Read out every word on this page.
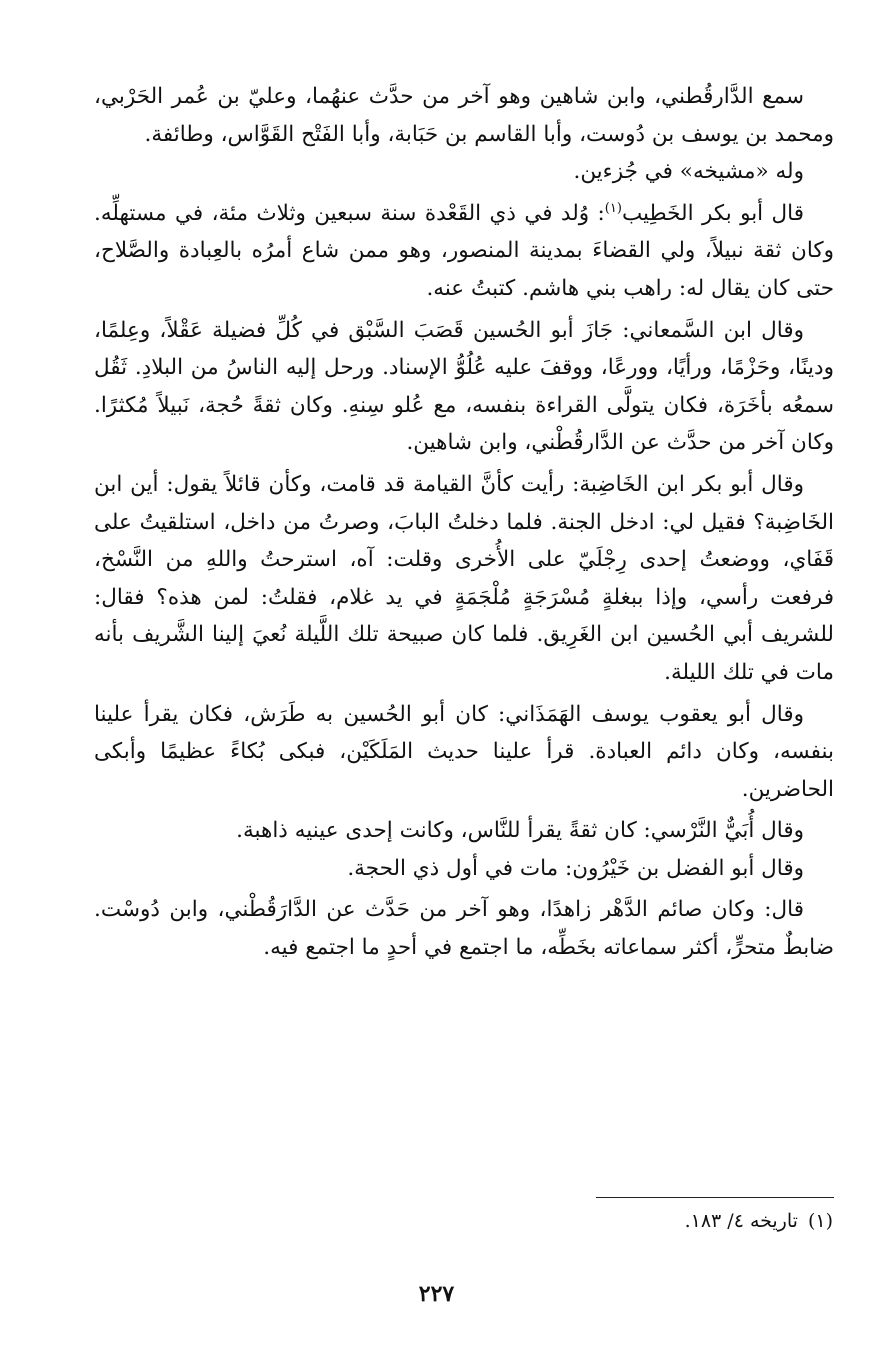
سمع الدَّارقُطني، وابن شاهين وهو آخر من حدَّث عنهُما، وعليّ بن عُمر الحَرْبي، ومحمد بن يوسف بن دُوست، وأبا القاسم بن حَبَابة، وأبا الفَتْح القَوَّاس، وطائفة.

وله «مشيخه» في جُزءين.

قال أبو بكر الخَطِيب$^{(١)}$: وُلد في ذي القَعْدة سنة سبعين وثلاث مئة، في مستهلِّه. وكان ثقة نبيلاً، ولي القضاءَ بمدينة المنصور، وهو ممن شاع أمرُه بالعِبادة والصَّلاح، حتى كان يقال له: راهب بني هاشم. كتبتُ عنه.

وقال ابن السَّمعاني: جَازَ أبو الحُسين قَصَبَ السَّبْق في كُلِّ فضيلة عَقْلاً، وعِلمًا، ودينًا، وحَزْمًا، ورأيًا، وورعًا، ووقفَ عليه عُلُوُّ الإسناد. ورحل إليه الناسُ من البلادِ. ثَقُل سمعُه بأخَرَة، فكان يتولَّى القراءة بنفسه، مع عُلو سِنهِ. وكان ثقةً حُجة، نَبيلاً مُكثرًا. وكان آخر من حدَّث عن الدَّارقُطْني، وابن شاهين.

وقال أبو بكر ابن الخَاضِبة: رأيت كأنَّ القيامة قد قامت، وكأن قائلاً يقول: أين ابن الخَاضِبة؟ فقيل لي: ادخل الجنة. فلما دخلتُ البابَ، وصرتُ من داخل، استلقيتُ على قَفَاي، ووضعتُ إحدى رِجْلَيّ على الأُخرى وقلت: آه، استرحتُ واللهِ من النَّسْخ، فرفعت رأسي، وإذا ببغلةٍ مُسْرَجَةٍ مُلْجَمَةٍ في يد غلام، فقلتُ: لمن هذه؟ فقال: للشريف أبي الحُسين ابن الغَرِيق. فلما كان صبيحة تلك اللَّيلة نُعيَ إلينا الشَّريف بأنه مات في تلك الليلة.

وقال أبو يعقوب يوسف الهَمَذَاني: كان أبو الحُسين به طَرَش، فكان يقرأ علينا بنفسه، وكان دائم العبادة. قرأ علينا حديث المَلَكَيْن، فبكى بُكاءً عظيمًا وأبكى الحاضرين.

وقال أُبَيٌّ النَّرْسي: كان ثقةً يقرأ للنَّاس، وكانت إحدى عينيه ذاهبة.

وقال أبو الفضل بن خَيْرُون: مات في أول ذي الحجة.

قال: وكان صائم الدَّهْر زاهدًا، وهو آخر من حَدَّث عن الدَّارَقُطْني، وابن دُوسْت. ضابطٌ متحرٍّ، أكثر سماعاته بخَطِّه، ما اجتمع في أحدٍ ما اجتمع فيه.

(١)تاريخه ٤/ ١٨٣.
٢٢٧
